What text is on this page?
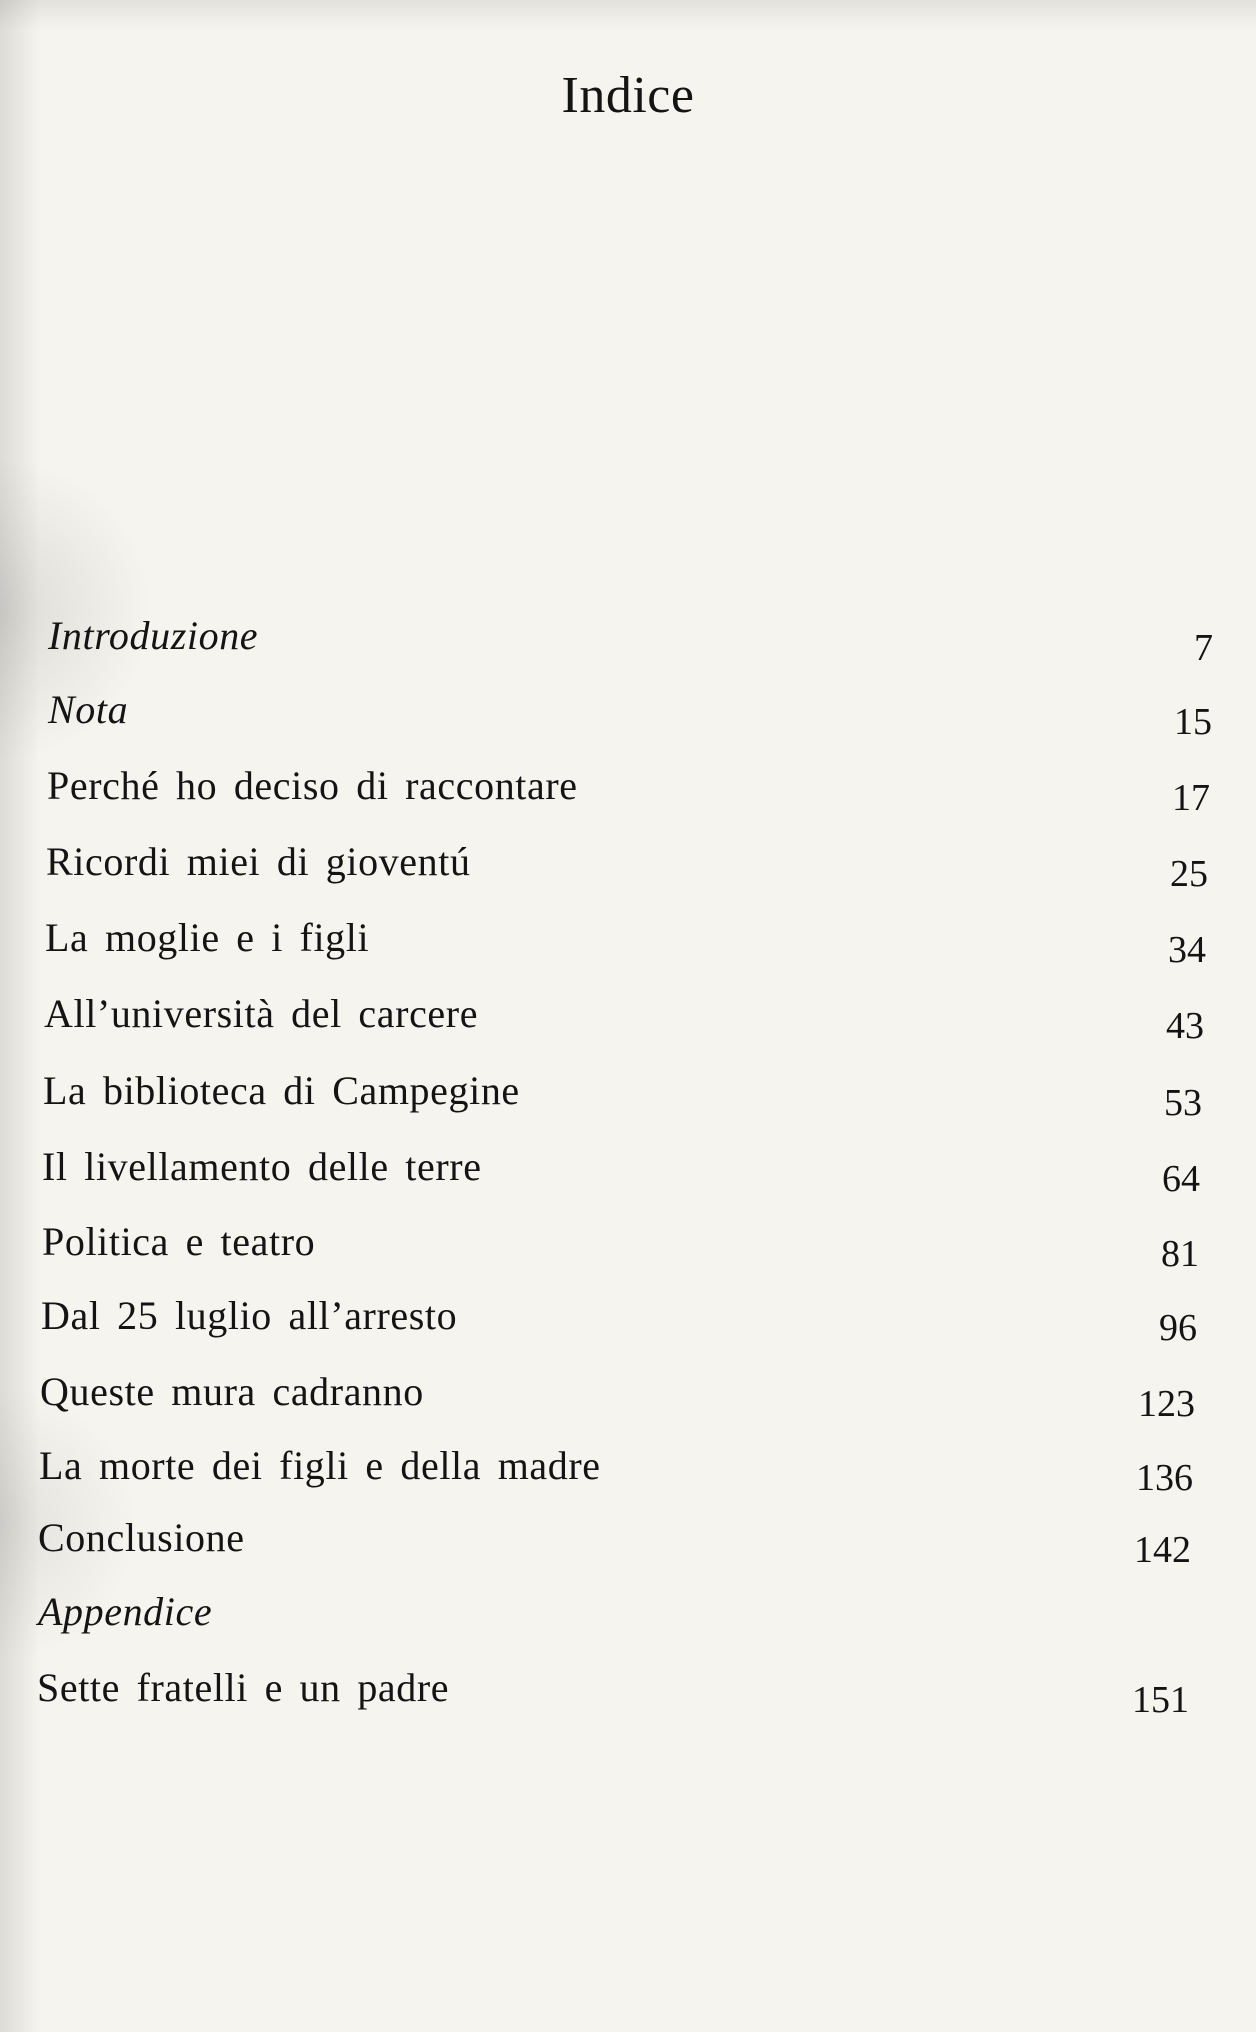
Indice
Introduzione	7
Nota	15
Perché ho deciso di raccontare	17
Ricordi miei di gioventú	25
La moglie e i figli	34
All’università del carcere	43
La biblioteca di Campegine	53
Il livellamento delle terre	64
Politica e teatro	81
Dal 25 luglio all’arresto	96
Queste mura cadranno	123
La morte dei figli e della madre	136
Conclusione	142
Appendice
Sette fratelli e un padre	151
